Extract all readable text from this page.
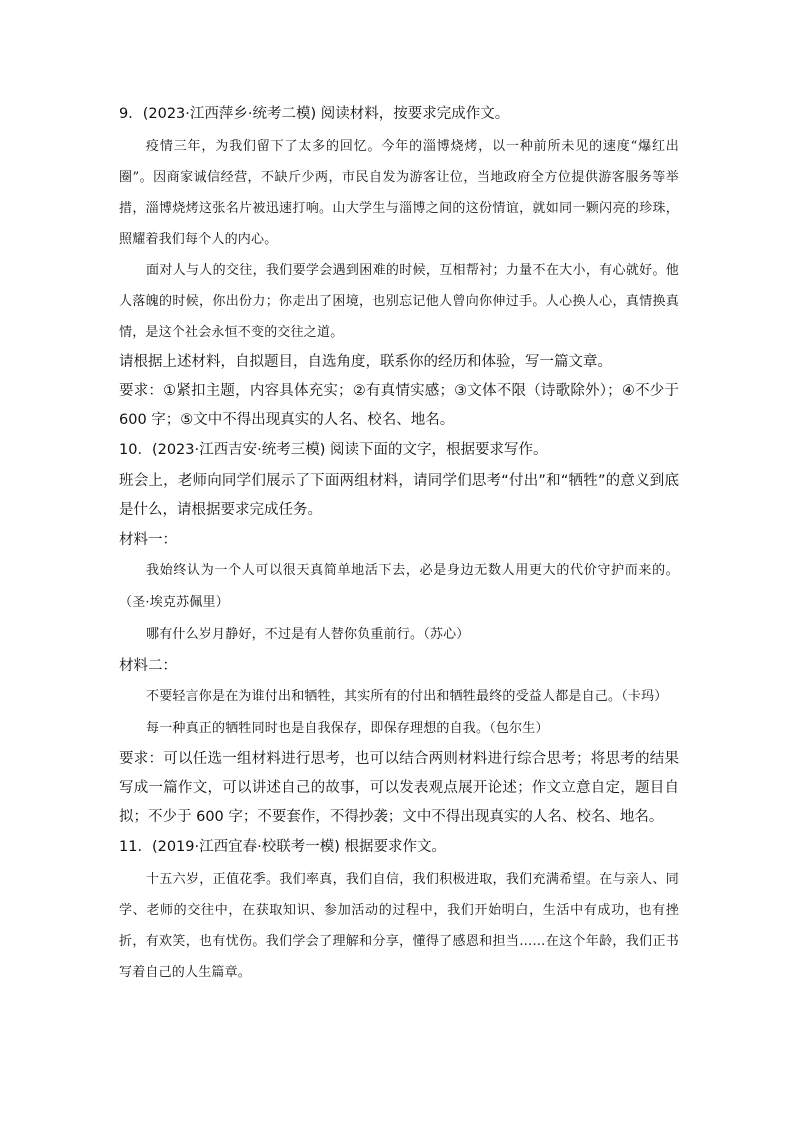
9．(2023·江西萍乡·统考二模) 阅读材料，按要求完成作文。

疫情三年，为我们留下了太多的回忆。今年的淄博烧烤，以一种前所未见的速度“爆红出圈”。因商家诚信经营，不缺斤少两，市民自发为游客让位，当地政府全方位提供游客服务等举措，淄博烧烤这张名片被迅速打响。山大学生与淄博之间的这份情谊，就如同一颗闪亮的珍珠，照耀着我们每个人的内心。

面对人与人的交往，我们要学会遇到困难的时候，互相帮衬；力量不在大小，有心就好。他人落魄的时候，你出份力；你走出了困境，也别忘记他人曾向你伸过手。人心换人心，真情换真情，是这个社会永恒不变的交往之道。

请根据上述材料，自拟题目，自选角度，联系你的经历和体验，写一篇文章。

要求：①紧扣主题，内容具体充实；②有真情实感；③文体不限（诗歌除外）；④不少于 600 字；⑤文中不得出现真实的人名、校名、地名。

10．(2023·江西吉安·统考三模) 阅读下面的文字，根据要求写作。

班会上，老师向同学们展示了下面两组材料，请同学们思考“付出”和“牺牲”的意义到底是什么，请根据要求完成任务。

材料一：

我始终认为一个人可以很天真简单地活下去，必是身边无数人用更大的代价守护而来的。（圣·埃克苏佩里）

哪有什么岁月静好，不过是有人替你负重前行。（苏心）

材料二：

不要轻言你是在为谁付出和牺牲，其实所有的付出和牺牲最终的受益人都是自己。（卡玛）

每一种真正的牺牲同时也是自我保存，即保存理想的自我。（包尔生）

要求：可以任选一组材料进行思考，也可以结合两则材料进行综合思考；将思考的结果写成一篇作文，可以讲述自己的故事，可以发表观点展开论述；作文立意自定，题目自拟；不少于 600 字；不要套作，不得抄袭；文中不得出现真实的人名、校名、地名。

11．(2019·江西宜春·校联考一模) 根据要求作文。

十五六岁，正值花季。我们率真，我们自信，我们积极进取，我们充满希望。在与亲人、同学、老师的交往中，在获取知识、参加活动的过程中，我们开始明白，生活中有成功，也有挫折，有欢笑，也有忧伤。我们学会了理解和分享，懂得了感恩和担当……在这个年龄，我们正书写着自己的人生篇章。
